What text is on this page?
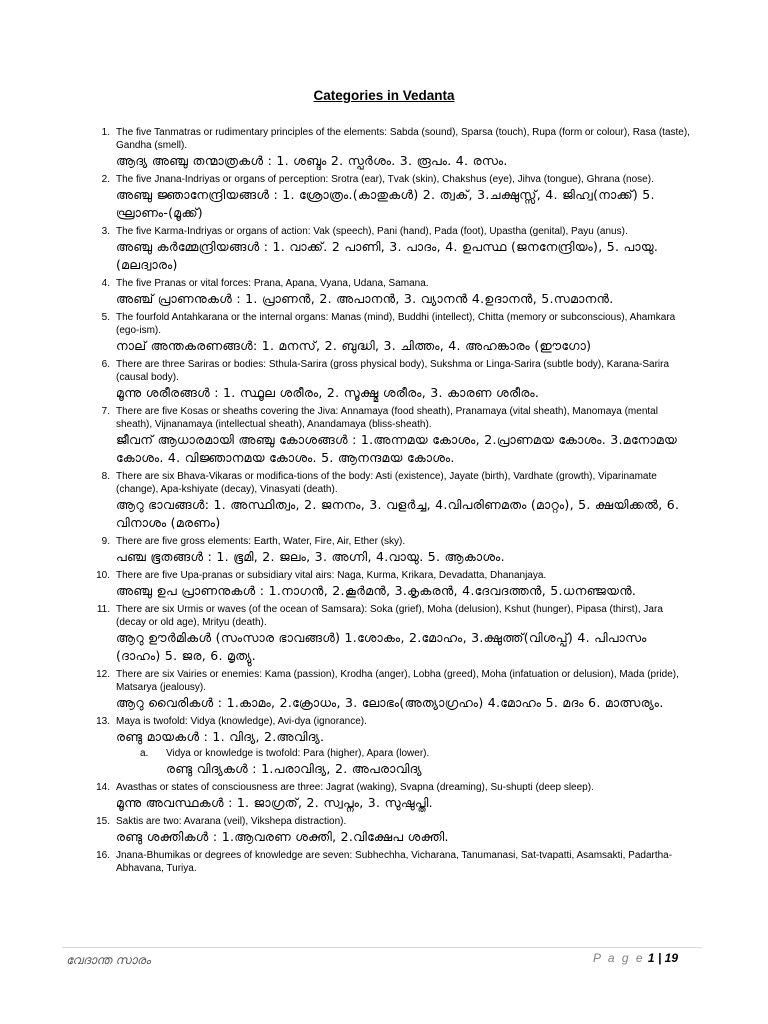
Categories in Vedanta
1. The five Tanmatras or rudimentary principles of the elements: Sabda (sound), Sparsa (touch), Rupa (form or colour), Rasa (taste), Gandha (smell).
ആദ്യ അഞ്ചു തന്മാത്രകൾ : 1. ശബ്ദം 2. സ്പർശം. 3. രൂപം. 4. രസം.
2. The five Jnana-Indriyas or organs of perception: Srotra (ear), Tvak (skin), Chakshus (eye), Jihva (tongue), Ghrana (nose).
അഞ്ചു ജ്ഞാനേന്ദ്രിയങ്ങൾ : 1. ശ്രോത്രം.(കാതുകൾ) 2. ത്വക്, 3.ചക്ഷുസ്സ്, 4. ജിഹ്വ(നാക്ക്) 5. ഘ്രാണം-(മൂക്ക്)
3. The five Karma-Indriyas or organs of action: Vak (speech), Pani (hand), Pada (foot), Upastha (genital), Payu (anus).
അഞ്ചു കർമ്മേന്ദ്രിയങ്ങൾ : 1. വാക്ക്. 2 പാണി, 3. പാദം, 4. ഉപസ്ഥ (ജനനേന്ദ്രിയം), 5. പായു. (മലദ്വാരം)
4. The five Pranas or vital forces: Prana, Apana, Vyana, Udana, Samana.
അഞ്ച് പ്രാണനുകൾ : 1. പ്രാണൻ, 2. അപാനൻ, 3. വ്യാനൻ 4.ഉദാനൻ, 5.സമാനൻ.
5. The fourfold Antahkarana or the internal organs: Manas (mind), Buddhi (intellect), Chitta (memory or subconscious), Ahamkara (ego-ism).
നാല് അന്തകരണങ്ങൾ: 1. മനസ്, 2. ബുദ്ധി, 3. ചിത്തം, 4. അഹങ്കാരം (ഈഗോ)
6. There are three Sariras or bodies: Sthula-Sarira (gross physical body), Sukshma or Linga-Sarira (subtle body), Karana-Sarira (causal body).
മൂന്നു ശരീരങ്ങൾ : 1. സ്ഥൂല ശരീരം, 2. സൂക്ഷ്മ ശരീരം, 3. കാരണ ശരീരം.
7. There are five Kosas or sheaths covering the Jiva: Annamaya (food sheath), Pranamaya (vital sheath), Manomaya (mental sheath), Vijnanamaya (intellectual sheath), Anandamaya (bliss-sheath).
ജീവന് ആധാരമായി അഞ്ചു കോശങ്ങൾ : 1.അന്നമയ കോശം, 2.പ്രാണമയ കോശം. 3.മനോമയ കോശം. 4. വിജ്ഞാനമയ കോശം. 5. ആനന്ദമയ കോശം.
8. There are six Bhava-Vikaras or modifica-tions of the body: Asti (existence), Jayate (birth), Vardhate (growth), Viparinamate (change), Apa-kshiyate (decay), Vinasyati (death).
ആറു ഭാവങ്ങൾ: 1. അസ്ഥിത്വം, 2. ജനനം, 3. വളർച്ച, 4.വിപരിണമതം (മാറ്റം), 5. ക്ഷയിക്കൽ, 6. വിനാശം (മരണം)
9. There are five gross elements: Earth, Water, Fire, Air, Ether (sky).
പഞ്ച ഭൂതങ്ങൾ : 1. ഭൂമി, 2. ജലം, 3. അഗ്നി, 4.വായു. 5. ആകാശം.
10. There are five Upa-pranas or subsidiary vital airs: Naga, Kurma, Krikara, Devadatta, Dhananjaya.
അഞ്ചു ഉപ പ്രാണനുകൾ : 1.നാഗൻ, 2.കൂർമൻ, 3.കൃകരൻ, 4.ദേവദത്തൻ, 5.ധനഞ്ജയൻ.
11. There are six Urmis or waves (of the ocean of Samsara): Soka (grief), Moha (delusion), Kshut (hunger), Pipasa (thirst), Jara (decay or old age), Mrityu (death).
ആറു ഊർമികൾ (സംസാര ഭാവങ്ങൾ) 1.ശോകം, 2.മോഹം, 3.ക്ഷുത്ത്(വിശപ്പ്) 4. പിപാസം (ദാഹം) 5. ജര, 6. മൃത്യു.
12. There are six Vairies or enemies: Kama (passion), Krodha (anger), Lobha (greed), Moha (infatuation or delusion), Mada (pride), Matsarya (jealousy).
ആറു വൈരികൾ : 1.കാമം, 2.ക്രോധം, 3. ലോഭം(അത്യാഗ്രഹം) 4.മോഹം 5. മദം 6. മാത്സര്യം.
13. Maya is twofold: Vidya (knowledge), Avi-dya (ignorance).
രണ്ടു മായകൾ : 1. വിദ്യ, 2.അവിദ്യ.
a. Vidya or knowledge is twofold: Para (higher), Apara (lower).
രണ്ടു വിദ്യകൾ : 1.പരാവിദ്യ, 2. അപരാവിദ്യ
14. Avasthas or states of consciousness are three: Jagrat (waking), Svapna (dreaming), Su-shupti (deep sleep).
മൂന്നു അവസ്ഥകൾ : 1. ജാഗ്രത്, 2. സ്വപ്നം, 3. സുഷുപ്തി.
15. Saktis are two: Avarana (veil), Vikshepa distraction).
രണ്ടു ശക്തികൾ : 1.ആവരണ ശക്തി, 2.വിക്ഷേപ ശക്തി.
16. Jnana-Bhumikas or degrees of knowledge are seven: Subhechha, Vicharana, Tanumanasi, Sat-tvapatti, Asamsakti, Padartha-Abhavana, Turiya.
വേദാന്ത സാരം	P a g e 1 | 19
